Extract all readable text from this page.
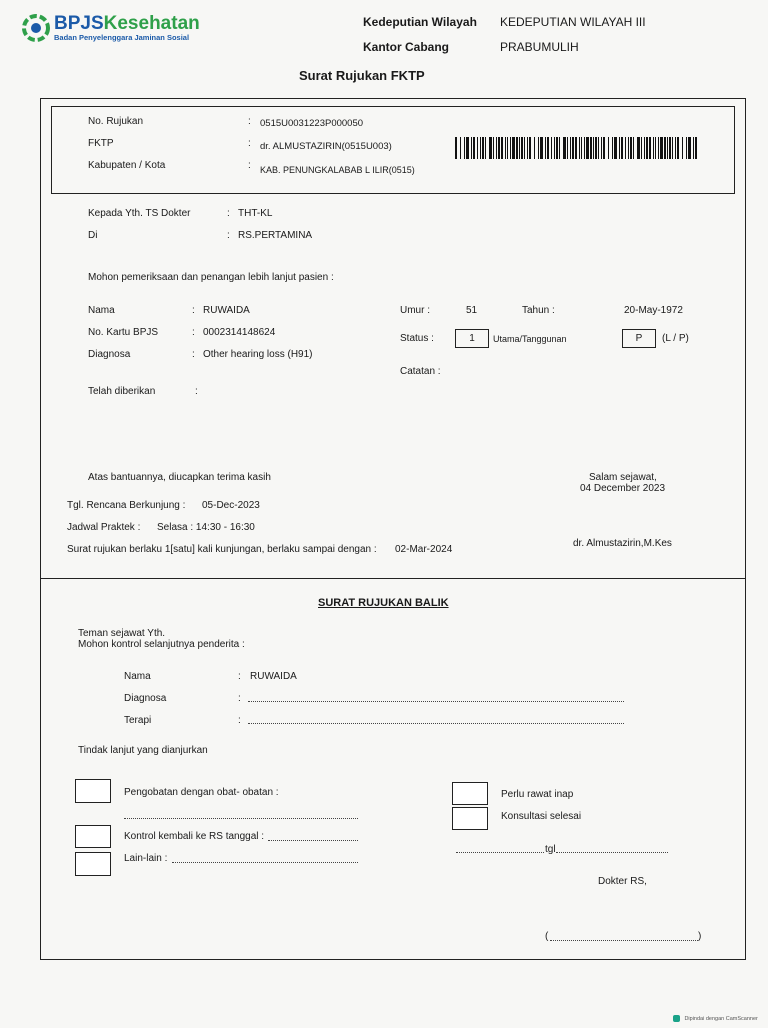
BPJSKesehatan
Badan Penyelenggara Jaminan Sosial
Kedeputian Wilayah KEDEPUTIAN WILAYAH III
Kantor Cabang	PRABUMULIH
Surat Rujukan FKTP
No. Rujukan	: 0515U0031223P000050
FKTP	: dr. ALMUSTAZIRIN(0515U003)
Kabupaten / Kota	: KAB. PENUNGKALABAB L ILIR(0515)
Kepada Yth. TS Dokter	: THT-KL
Di	: RS.PERTAMINA
Mohon pemeriksaan dan penangan lebih lanjut pasien :
Nama	: RUWAIDA
No. Kartu BPJS	: 0002314148624
Diagnosa	: Other hearing loss (H91)
Telah diberikan	:
Umur :	51	Tahun :	20-May-1972
Status :	1	Utama/Tanggunan	P	(L / P)
Catatan :
Atas bantuannya, diucapkan terima kasih	Salam sejawat,
04 December 2023
Tgl. Rencana Berkunjung : 05-Dec-2023
Jadwal Praktek : Selasa : 14:30 - 16:30
Surat rujukan berlaku 1[satu] kali kunjungan, berlaku sampai dengan : 02-Mar-2024
dr. Almustazirin,M.Kes
SURAT RUJUKAN BALIK
Teman sejawat Yth.
Mohon kontrol selanjutnya penderita :
Nama	: RUWAIDA
Diagnosa	:
Terapi	:
Tindak lanjut yang dianjurkan
Pengobatan dengan obat- obatan :
Kontrol kembali ke RS tanggal :
Lain-lain :
Perlu rawat inap
Konsultasi selesai
tgl
Dokter RS,
(	)
Dipindai dengan CamScanner
